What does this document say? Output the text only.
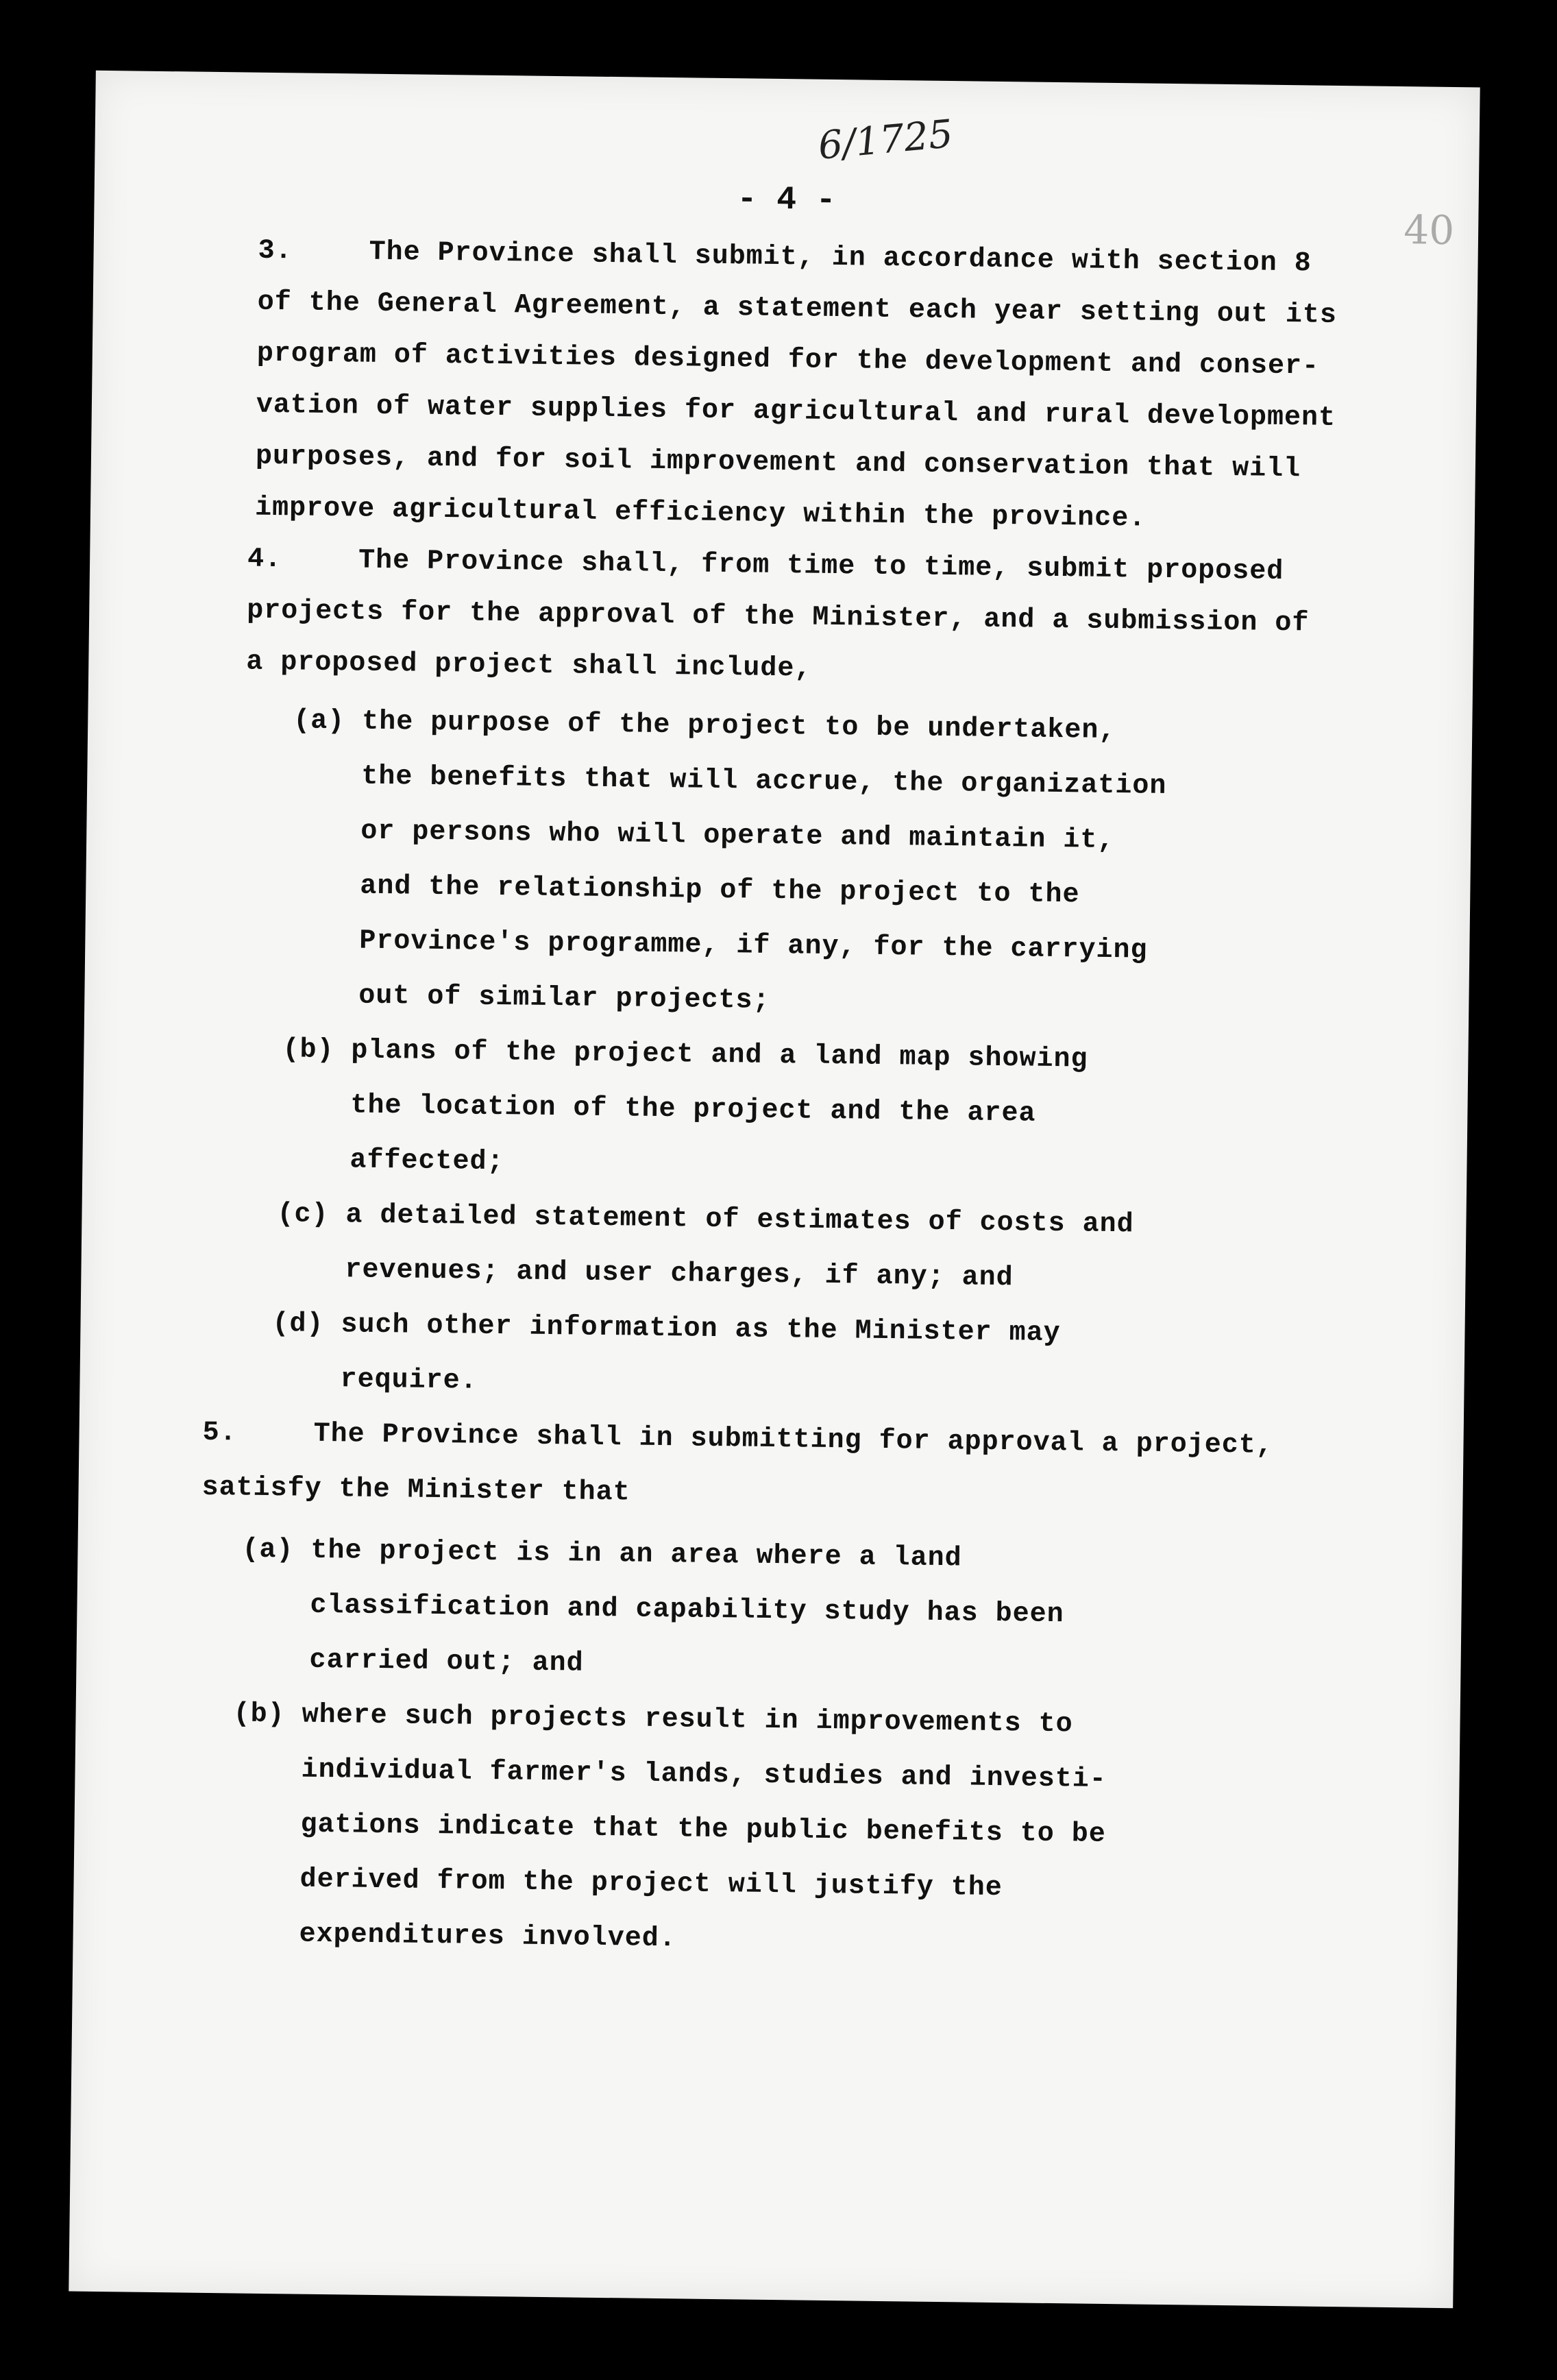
6/1725
40
- 4 -
3.	The Province shall submit, in accordance with section 8
of the General Agreement, a statement each year setting out its
program of activities designed for the development and conser-
vation of water supplies for agricultural and rural development
purposes, and for soil improvement and conservation that will
improve agricultural efficiency within the province.
4.	The Province shall, from time to time, submit proposed
projects for the approval of the Minister, and a submission of
a proposed project shall include,
(a) the purpose of the project to be undertaken,
the benefits that will accrue, the organization
or persons who will operate and maintain it,
and the relationship of the project to the
Province's programme, if any, for the carrying
out of similar projects;
(b) plans of the project and a land map showing
the location of the project and the area
affected;
(c) a detailed statement of estimates of costs and
revenues; and user charges, if any; and
(d) such other information as the Minister may
require.
5.	The Province shall in submitting for approval a project,
satisfy the Minister that
(a) the project is in an area where a land
classification and capability study has been
carried out; and
(b) where such projects result in improvements to
individual farmer's lands, studies and investi-
gations indicate that the public benefits to be
derived from the project will justify the
expenditures involved.
